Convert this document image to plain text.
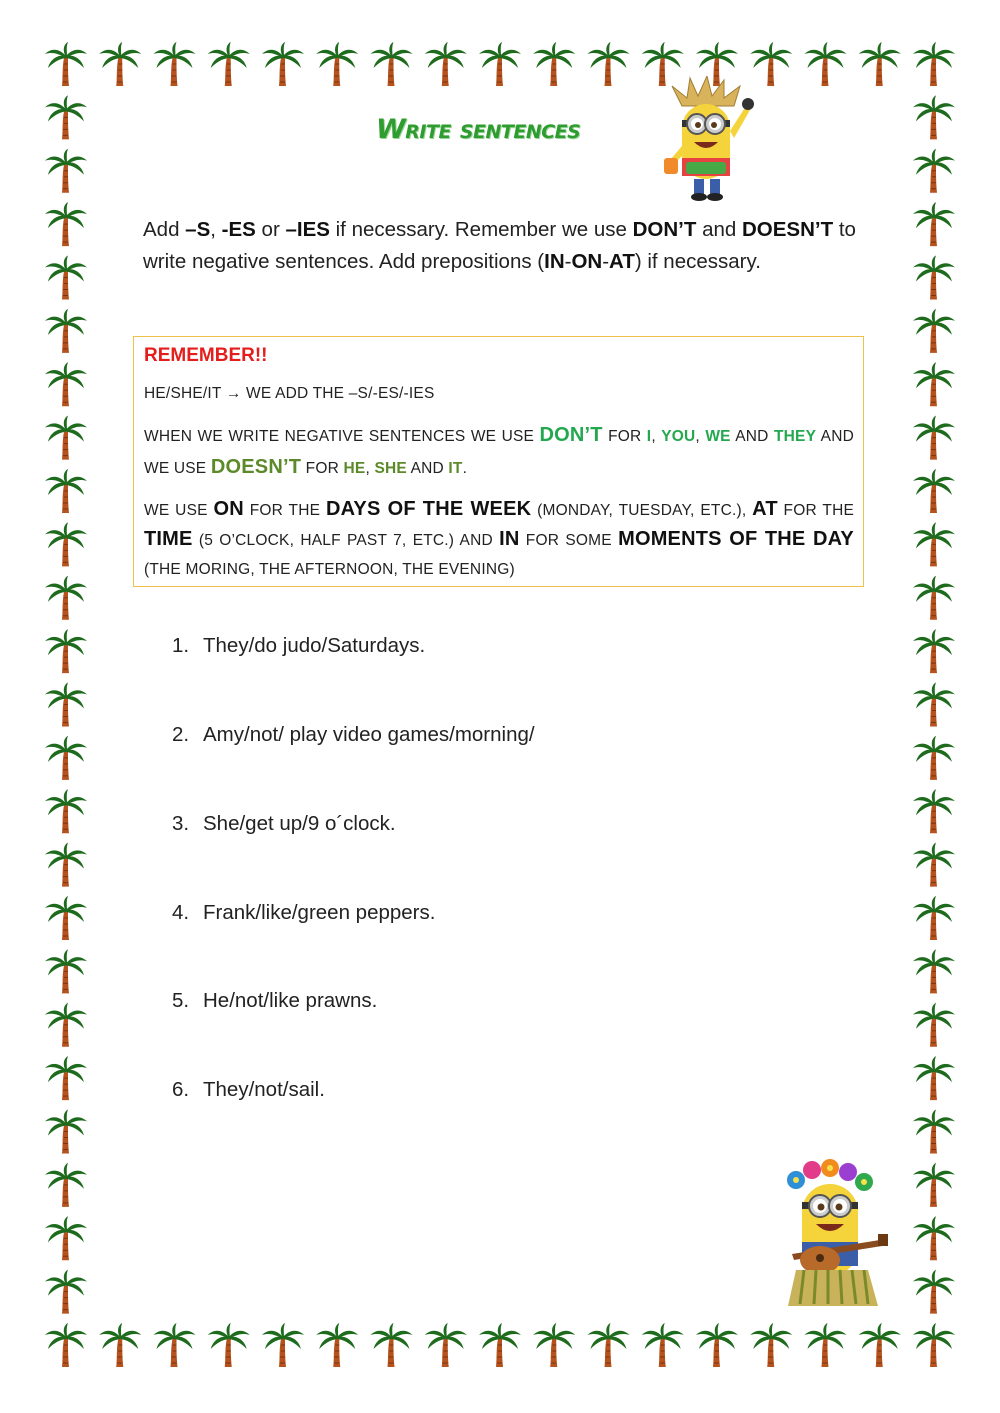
Write sentences
Add –S, -ES or –IES if necessary. Remember we use DON’T and DOESN’T to write negative sentences. Add prepositions (IN-ON-AT) if necessary.
REMEMBER!!
HE/SHE/IT → WE ADD THE –S/-ES/-IES
WHEN WE WRITE NEGATIVE SENTENCES WE USE DON’T FOR I, YOU, WE AND THEY AND WE USE DOESN’T FOR HE, SHE AND IT.
WE USE ON FOR THE DAYS OF THE WEEK (MONDAY, TUESDAY, ETC.), AT FOR THE TIME (5 O’CLOCK, HALF PAST 7, ETC.) AND IN FOR SOME MOMENTS OF THE DAY (THE MORING, THE AFTERNOON, THE EVENING)
1. They/do judo/Saturdays.
2. Amy/not/ play video games/morning/
3. She/get up/9 o´clock.
4. Frank/like/green peppers.
5. He/not/like prawns.
6. They/not/sail.
